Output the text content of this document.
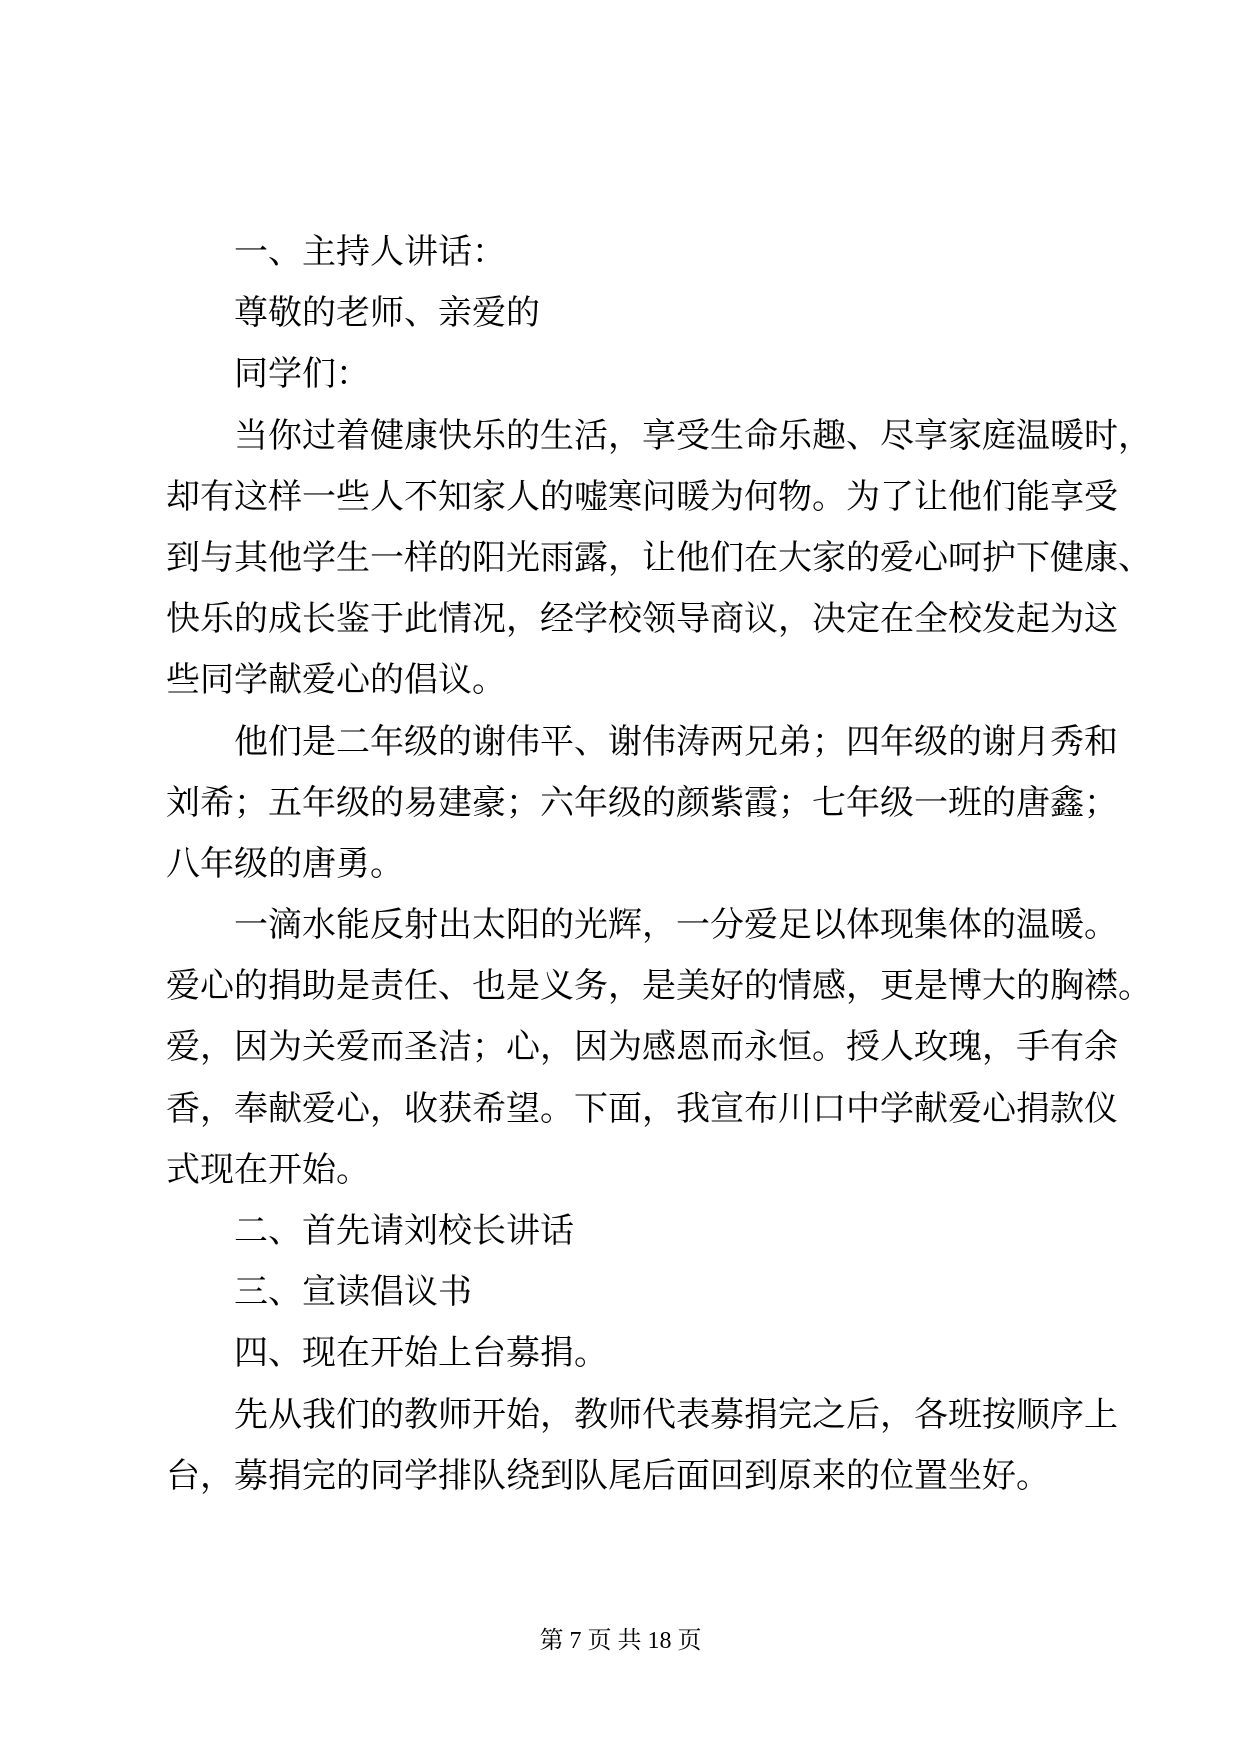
一、主持人讲话：
尊敬的老师、亲爱的
同学们：
当你过着健康快乐的生活，享受生命乐趣、尽享家庭温暖时，
却有这样一些人不知家人的嘘寒问暖为何物。为了让他们能享受
到与其他学生一样的阳光雨露，让他们在大家的爱心呵护下健康、
快乐的成长鉴于此情况，经学校领导商议，决定在全校发起为这
些同学献爱心的倡议。
他们是二年级的谢伟平、谢伟涛两兄弟；四年级的谢月秀和
刘希；五年级的易建豪；六年级的颜紫霞；七年级一班的唐鑫；
八年级的唐勇。
一滴水能反射出太阳的光辉，一分爱足以体现集体的温暖。
爱心的捐助是责任、也是义务，是美好的情感，更是博大的胸襟。
爱，因为关爱而圣洁；心，因为感恩而永恒。授人玫瑰，手有余
香，奉献爱心，收获希望。下面，我宣布川口中学献爱心捐款仪
式现在开始。
二、首先请刘校长讲话
三、宣读倡议书
四、现在开始上台募捐。
先从我们的教师开始，教师代表募捐完之后，各班按顺序上
台，募捐完的同学排队绕到队尾后面回到原来的位置坐好。
第 7 页 共 18 页
